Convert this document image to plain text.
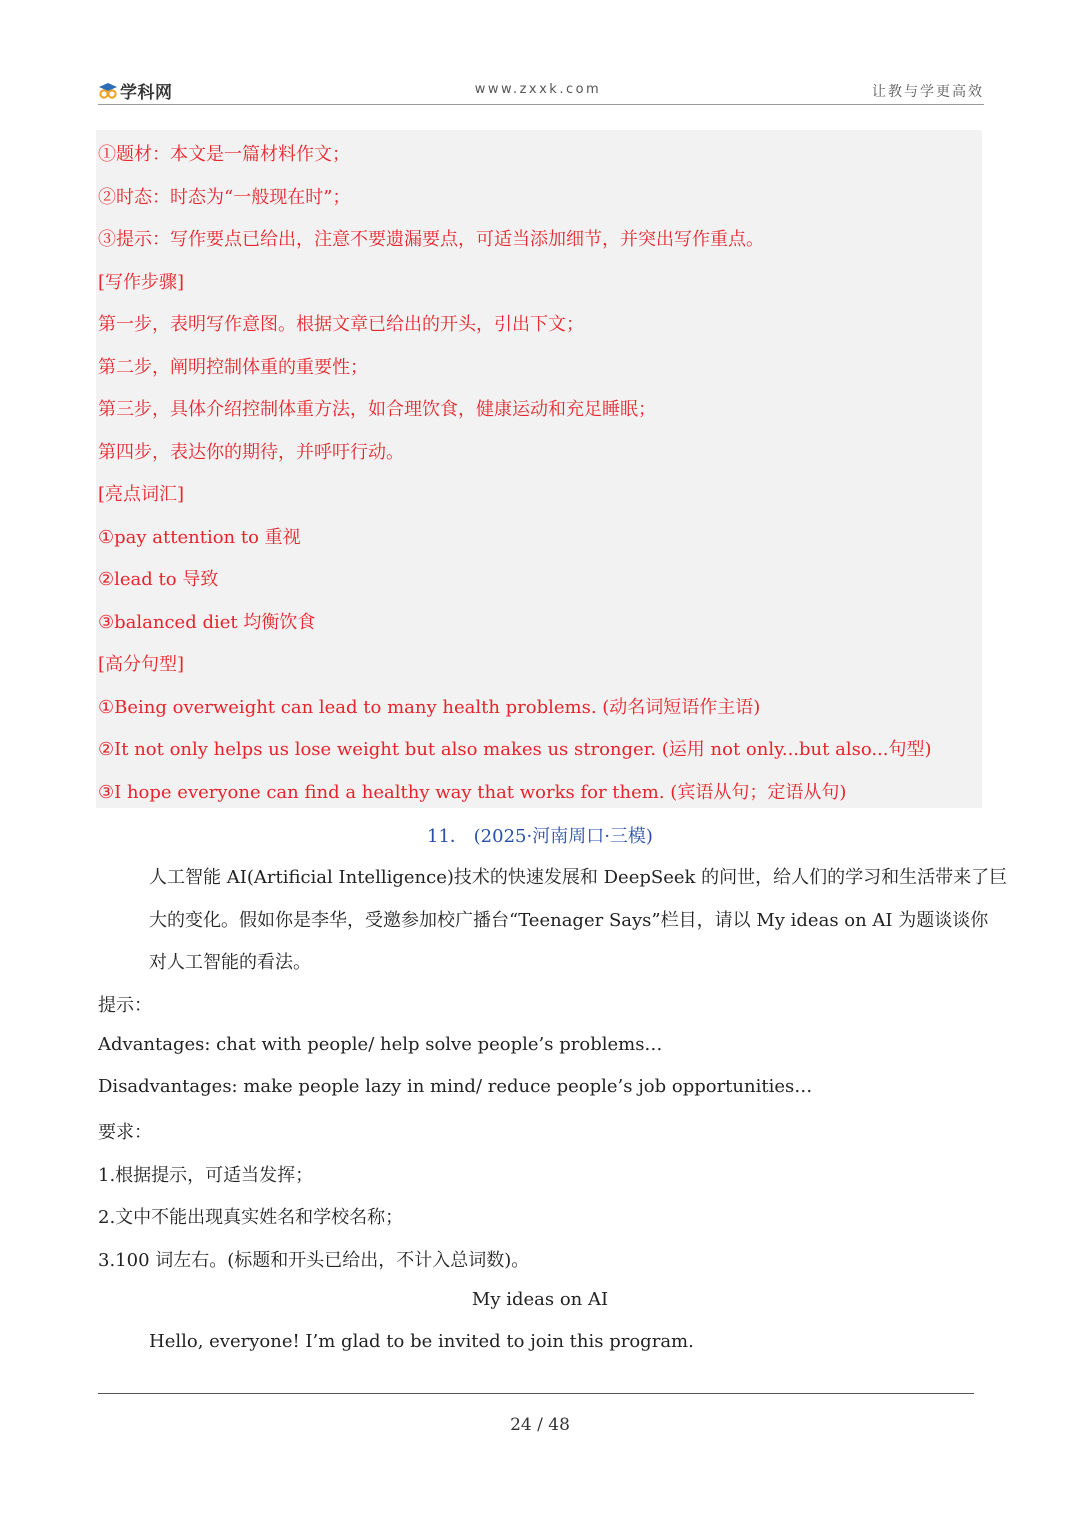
学科网	www.zxxk.com	让教与学更高效
①题材：本文是一篇材料作文；
②时态：时态为“一般现在时”；
③提示：写作要点已给出，注意不要遗漏要点，可适当添加细节，并突出写作重点。
[写作步骤]
第一步，表明写作意图。根据文章已给出的开头，引出下文；
第二步，阐明控制体重的重要性；
第三步，具体介绍控制体重方法，如合理饮食，健康运动和充足睡眠；
第四步，表达你的期待，并呼吁行动。
[亮点词汇]
①pay attention to 重视
②lead to 导致
③balanced diet 均衡饮食
[高分句型]
①Being overweight can lead to many health problems. (动名词短语作主语)
②It not only helps us lose weight but also makes us stronger. (运用 not only...but also...句型)
③I hope everyone can find a healthy way that works for them. (宾语从句；定语从句)
11． (2025·河南周口·三模)
人工智能 AI(Artificial Intelligence)技术的快速发展和 DeepSeek 的问世，给人们的学习和生活带来了巨
大的变化。假如你是李华，受邀参加校广播台“Teenager Says”栏目，请以 My ideas on AI 为题谈谈你
对人工智能的看法。
提示：
Advantages: chat with people/ help solve people’s problems…
Disadvantages: make people lazy in mind/ reduce people’s job opportunities…
要求：
1.根据提示，可适当发挥；
2.文中不能出现真实姓名和学校名称；
3.100 词左右。(标题和开头已给出，不计入总词数)。
My ideas on AI
Hello, everyone! I’m glad to be invited to join this program.
24 / 48
